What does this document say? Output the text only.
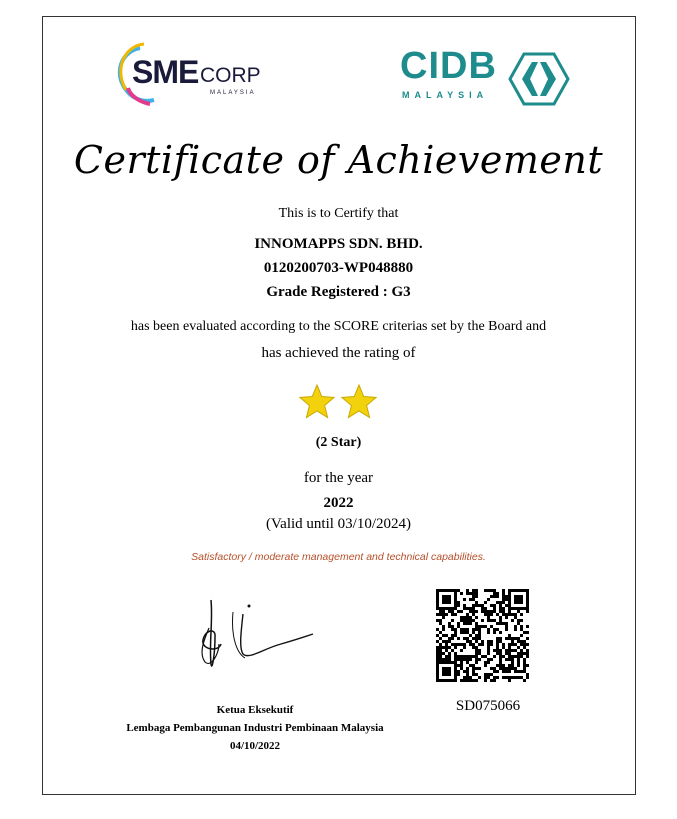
SME CORP
MALAYSIA
CIDB
MALAYSIA
Certificate of Achievement
This is to Certify that
INNOMAPPS SDN. BHD.
0120200703-WP048880
Grade Registered : G3
has been evaluated according to the SCORE criterias set by the Board and
has achieved the rating of
(2 Star)
for the year
2022
(Valid until 03/10/2024)
Satisfactory / moderate management and technical capabilities.
Ketua Eksekutif
Lembaga Pembangunan Industri Pembinaan Malaysia
04/10/2022
SD075066
